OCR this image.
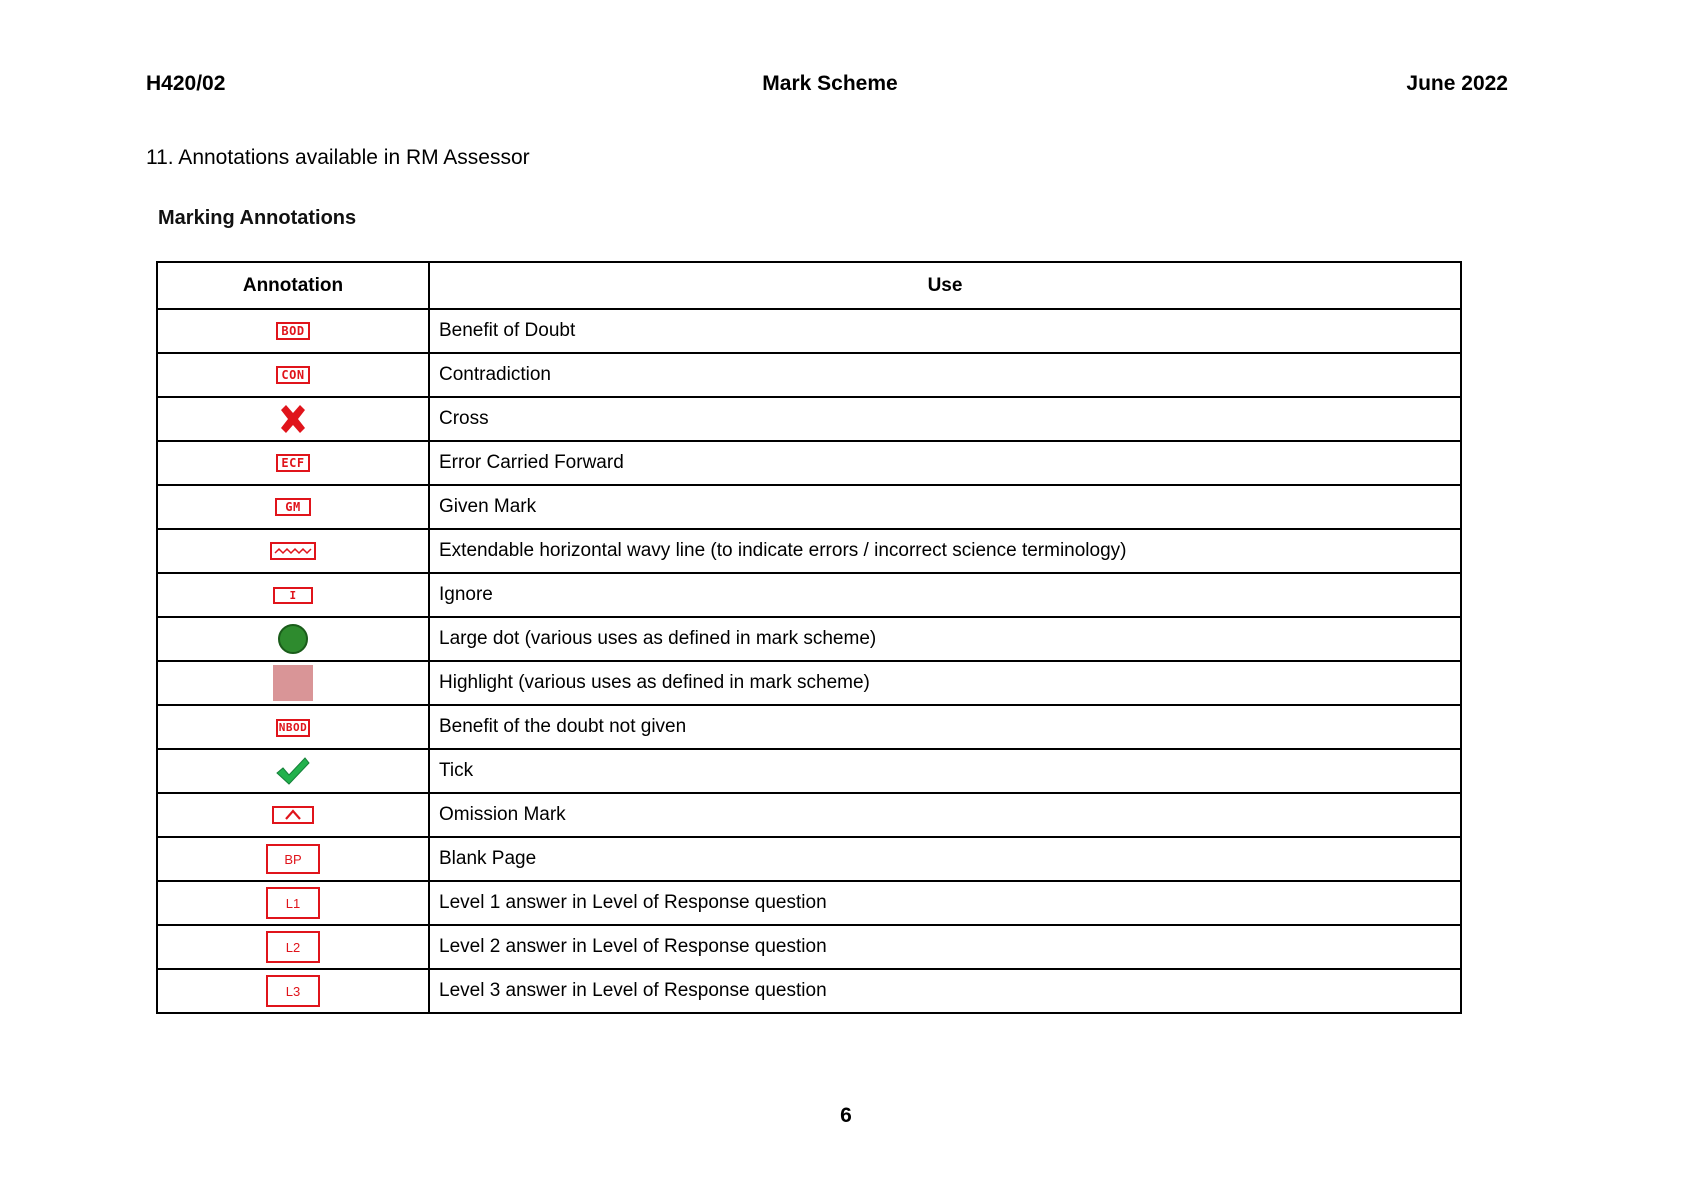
H420/02	Mark Scheme	June 2022
11. Annotations available in RM Assessor
Marking Annotations
Annotation	Use
BOD	Benefit of Doubt
CON	Contradiction
	Cross
ECF	Error Carried Forward
GM	Given Mark
	Extendable horizontal wavy line (to indicate errors / incorrect science terminology)
I	Ignore
	Large dot (various uses as defined in mark scheme)
	Highlight (various uses as defined in mark scheme)
NBOD	Benefit of the doubt not given
	Tick
	Omission Mark
BP	Blank Page
L1	Level 1 answer in Level of Response question
L2	Level 2 answer in Level of Response question
L3	Level 3 answer in Level of Response question
6
